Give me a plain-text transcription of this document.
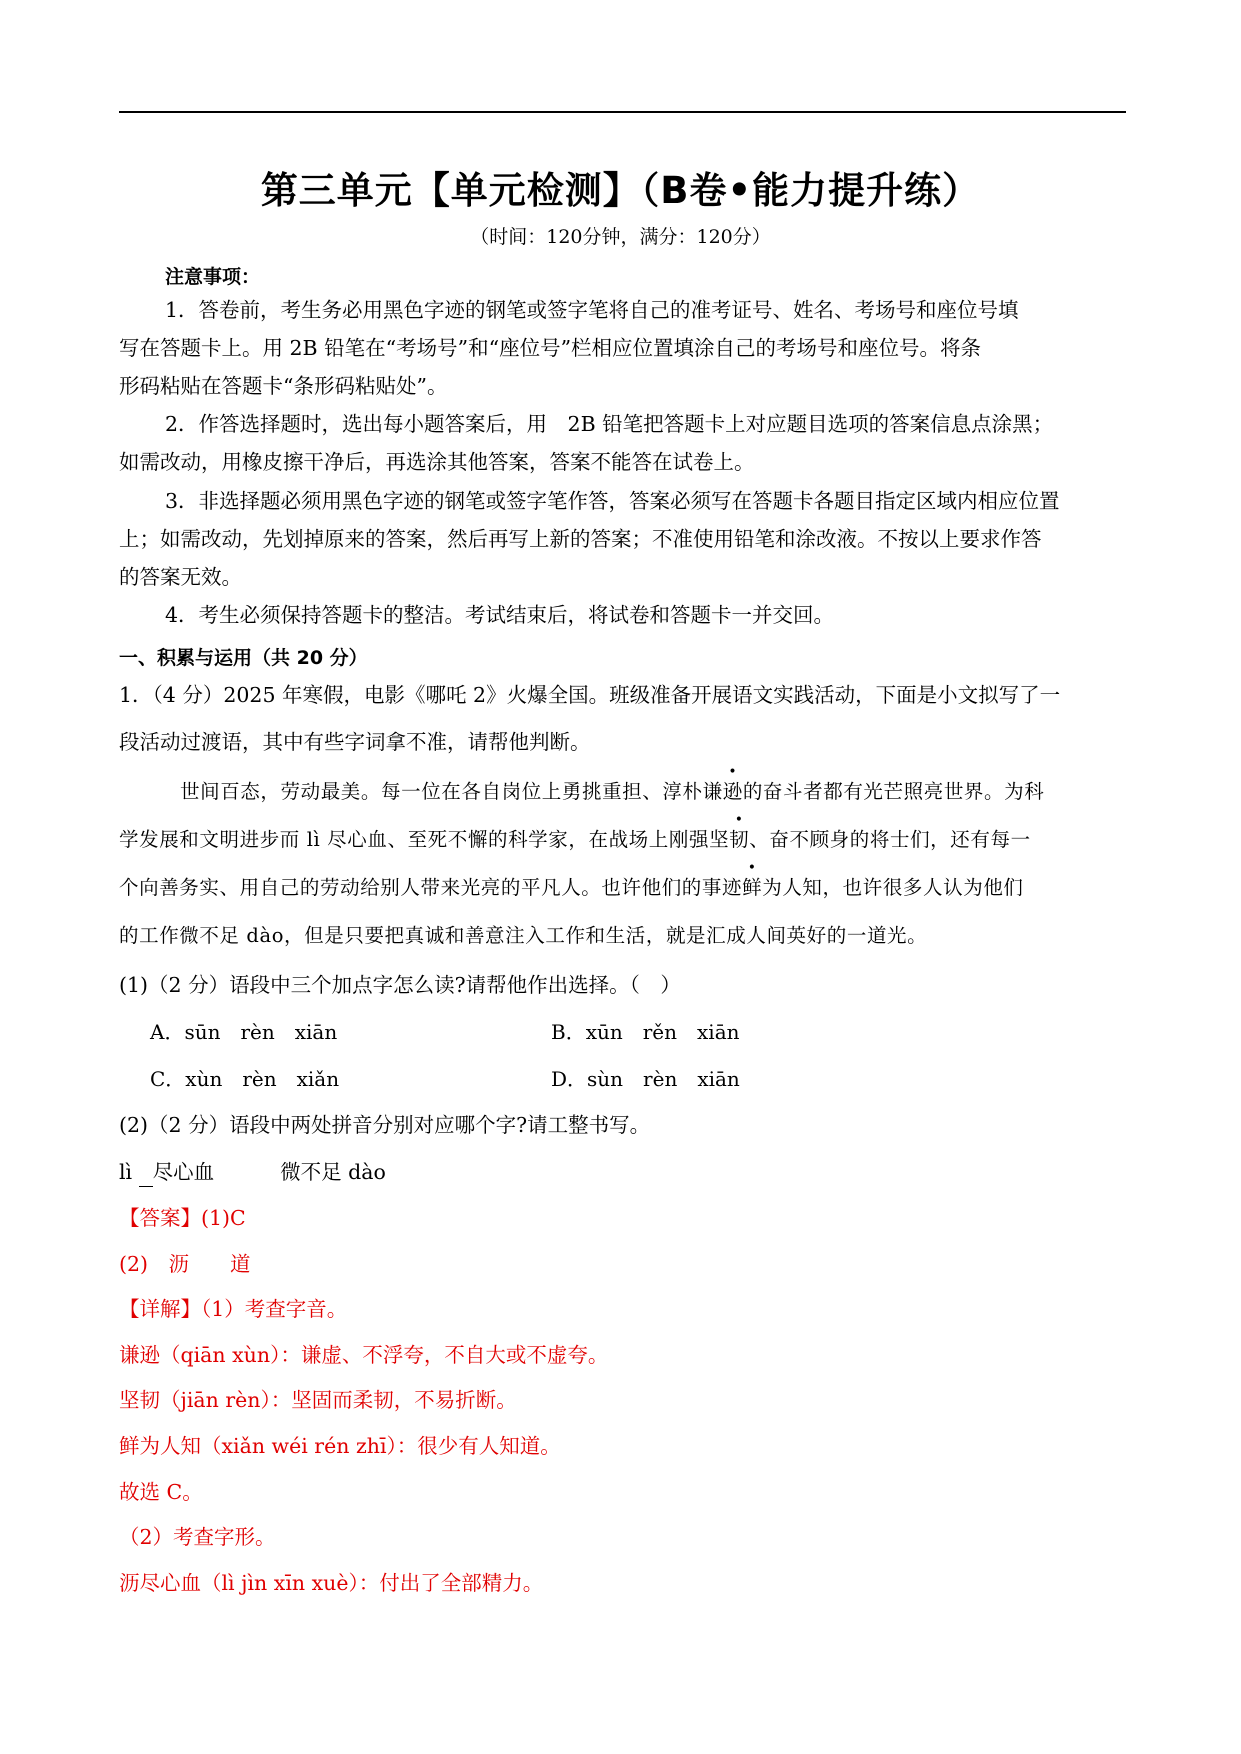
第三单元【单元检测】（B卷•能力提升练）
（时间：120分钟，满分：120分）
注意事项：
1．答卷前，考生务必用黑色字迹的钢笔或签字笔将自己的准考证号、姓名、考场号和座位号填
写在答题卡上。用 2B 铅笔在“考场号”和“座位号”栏相应位置填涂自己的考场号和座位号。将条
形码粘贴在答题卡“条形码粘贴处”。
2．作答选择题时，选出每小题答案后，用　2B 铅笔把答题卡上对应题目选项的答案信息点涂黑；
如需改动，用橡皮擦干净后，再选涂其他答案，答案不能答在试卷上。
3．非选择题必须用黑色字迹的钢笔或签字笔作答，答案必须写在答题卡各题目指定区域内相应位置
上；如需改动，先划掉原来的答案，然后再写上新的答案；不准使用铅笔和涂改液。不按以上要求作答
的答案无效。
4．考生必须保持答题卡的整洁。考试结束后，将试卷和答题卡一并交回。
一、积累与运用（共 20 分）
1．（4 分）2025 年寒假，电影《哪吒 2》火爆全国。班级准备开展语文实践活动，下面是小文拟写了一
段活动过渡语，其中有些字词拿不准，请帮他判断。
世间百态，劳动最美。每一位在各自岗位上勇挑重担、淳朴谦逊的奋斗者都有光芒照亮世界。为科
学发展和文明进步而 lì 尽心血、至死不懈的科学家，在战场上刚强坚韧、奋不顾身的将士们，还有每一
个向善务实、用自己的劳动给别人带来光亮的平凡人。也许他们的事迹鲜为人知，也许很多人认为他们
的工作微不足 dào，但是只要把真诚和善意注入工作和生活，就是汇成人间英好的一道光。
(1)（2 分）语段中三个加点字怎么读?请帮他作出选择。（　）
A．sūn　rèn　xiān	B．xūn　rěn　xiān
C．xùn　rèn　xiǎn	D．sùn　rèn　xiān
(2)（2 分）语段中两处拼音分别对应哪个字?请工整书写。
lì 尽心血	微不足 dào
【答案】(1)C
(2)　沥　　道
【详解】（1）考查字音。
谦逊（qiān xùn）：谦虚、不浮夸，不自大或不虚夸。
坚韧（jiān rèn）：坚固而柔韧，不易折断。
鲜为人知（xiǎn wéi rén zhī）：很少有人知道。
故选 C。
（2）考查字形。
沥尽心血（lì jìn xīn xuè）：付出了全部精力。
